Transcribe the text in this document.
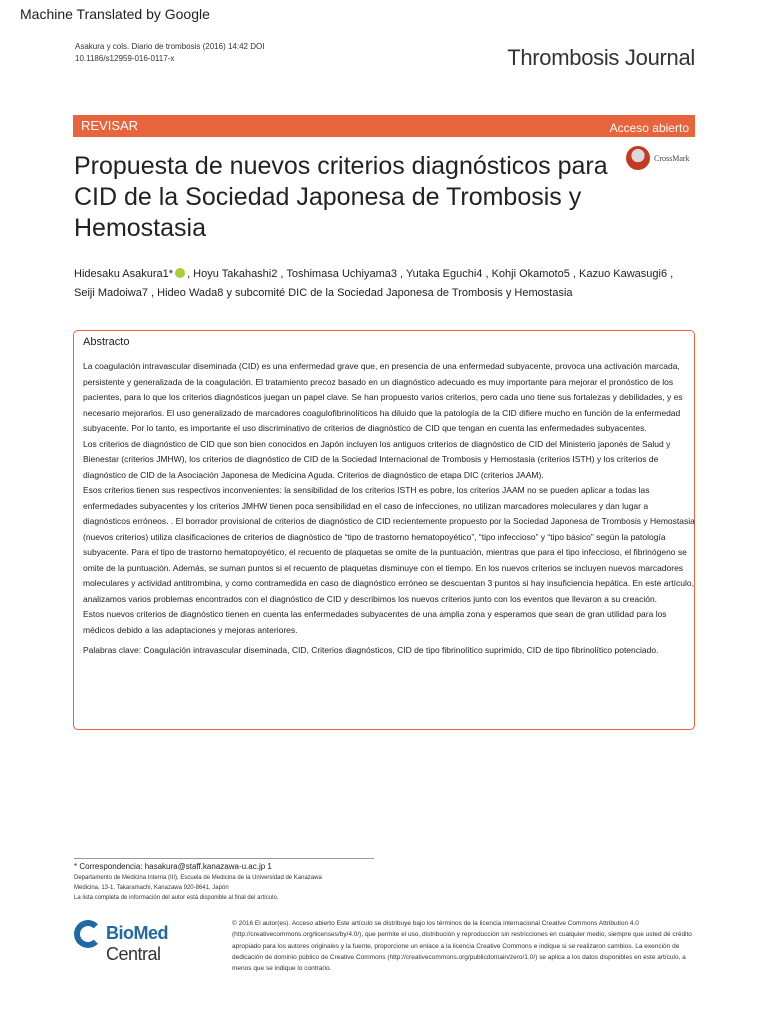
Machine Translated by Google
Asakura y cols. Diario de trombosis (2016) 14:42 DOI
10.1186/s12959-016-0117-x	Thrombosis Journal
REVISAR	Acceso abierto
CrossMark
Propuesta de nuevos criterios diagnósticos para CID de la Sociedad Japonesa de Trombosis y Hemostasia
Hidesaku Asakura1* , Hoyu Takahashi2 , Toshimasa Uchiyama3 , Yutaka Eguchi4 , Kohji Okamoto5 , Kazuo Kawasugi6 ,
Seiji Madoiwa7 , Hideo Wada8 y subcomité DIC de la Sociedad Japonesa de Trombosis y Hemostasia
Abstracto

La coagulación intravascular diseminada (CID) es una enfermedad grave que, en presencia de una enfermedad subyacente, provoca una activación marcada, persistente y generalizada de la coagulación. El tratamiento precoz basado en un diagnóstico adecuado es muy importante para mejorar el pronóstico de los pacientes, para lo que los criterios diagnósticos juegan un papel clave. Se han propuesto varios criterios, pero cada uno tiene sus fortalezas y debilidades, y es necesario mejorarlos. El uso generalizado de marcadores coagulofibrinolíticos ha diluido que la patología de la CID difiere mucho en función de la enfermedad subyacente. Por lo tanto, es importante el uso discriminativo de criterios de diagnóstico de CID que tengan en cuenta las enfermedades subyacentes.

Los criterios de diagnóstico de CID que son bien conocidos en Japón incluyen los antiguos criterios de diagnóstico de CID del Ministerio japonés de Salud y Bienestar (criterios JMHW), los criterios de diagnóstico de CID de la Sociedad Internacional de Trombosis y Hemostasia (criterios ISTH) y los criterios de diagnóstico de CID de la Asociación Japonesa de Medicina Aguda. Criterios de diagnóstico de etapa DIC (criterios JAAM).

Esos criterios tienen sus respectivos inconvenientes: la sensibilidad de los criterios ISTH es pobre, los criterios JAAM no se pueden aplicar a todas las enfermedades subyacentes y los criterios JMHW tienen poca sensibilidad en el caso de infecciones, no utilizan marcadores moleculares y dan lugar a diagnósticos erróneos. . El borrador provisional de criterios de diagnóstico de CID recientemente propuesto por la Sociedad Japonesa de Trombosis y Hemostasia (nuevos criterios) utiliza clasificaciones de criterios de diagnóstico de “tipo de trastorno hematopoyético”, “tipo infeccioso” y “tipo básico” según la patología subyacente. Para el tipo de trastorno hematopoyético, el recuento de plaquetas se omite de la puntuación, mientras que para el tipo infeccioso, el fibrinógeno se omite de la puntuación. Además, se suman puntos si el recuento de plaquetas disminuye con el tiempo. En los nuevos criterios se incluyen nuevos marcadores moleculares y actividad antitrombina, y como contramedida en caso de diagnóstico erróneo se descuentan 3 puntos si hay insuficiencia hepática. En este artículo, analizamos varios problemas encontrados con el diagnóstico de CID y describimos los nuevos criterios junto con los eventos que llevaron a su creación.

Estos nuevos criterios de diagnóstico tienen en cuenta las enfermedades subyacentes de una amplia zona y esperamos que sean de gran utilidad para los médicos debido a las adaptaciones y mejoras anteriores.

Palabras clave: Coagulación intravascular diseminada, CID, Criterios diagnósticos, CID de tipo fibrinolítico suprimido, CID de tipo fibrinolítico potenciado.

* Correspondencia: hasakura@staff.kanazawa-u.ac.jp 1
Departamento de Medicina Interna (III), Escuela de Medicina de la Universidad de Kanazawa
Medicina, 13-1, Takaramachi, Kanazawa 920-8641, Japón
La lista completa de información del autor está disponible al final del artículo.
BioMed Central
© 2016 El autor(es). Acceso abierto Este artículo se distribuye bajo los términos de la licencia internacional Creative Commons Attribution 4.0 (http://creativecommons.org/licenses/by/4.0/), que permite el uso, distribución y reproducción sin restricciones en cualquier medio, siempre que usted dé crédito apropiado para los autores originales y la fuente, proporcione un enlace a la licencia Creative Commons e indique si se realizaron cambios. La exención de dedicación de dominio público de Creative Commons (http://creativecommons.org/publicdomain/zero/1.0/) se aplica a los datos disponibles en este artículo, a menos que se indique lo contrario.
